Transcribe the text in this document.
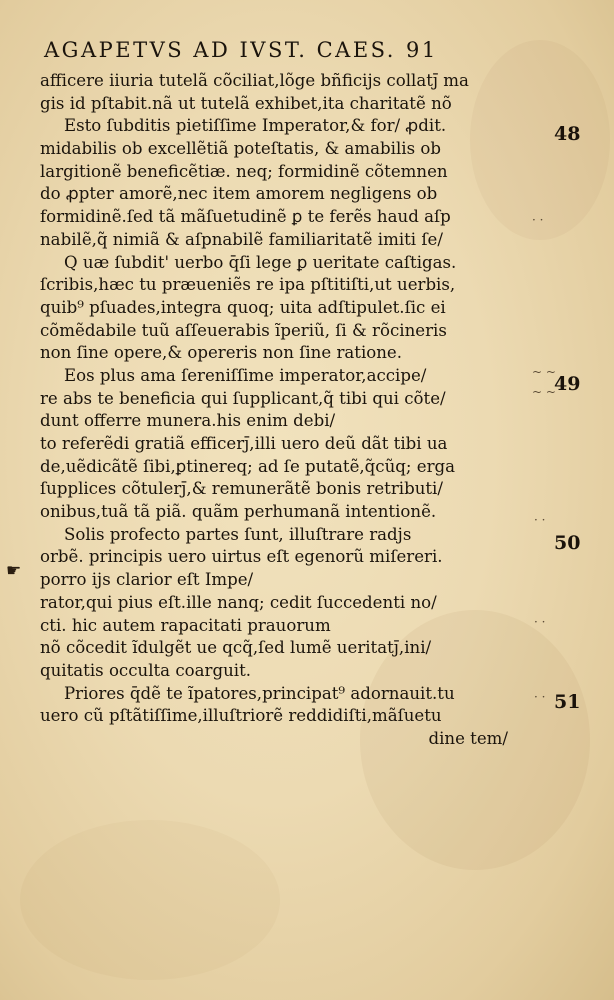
AGAPETVS AD IVST. CAES. 91
afficere iiuria tutelã cõciliat,lõge bñficijs collatj̄ ma
gis id pſtabit.nã ut tutelã exhibet,ita charitatẽ nõ
Esto ſubditis pietiſſime Imperator,& for/ ꝓdit.
midabilis ob excellẽtiã poteſtatis, & amabilis ob
largitionẽ beneficẽtiæ. neq; formidinẽ cõtemnen
do ꝓpter amorẽ,nec item amorem negligens ob
formidinẽ.ſed tã mãſuetudinẽ ꝑ te ferẽs haud aſp
nabilẽ,q̃ nimiã & aſpnabilẽ familiaritatẽ imiti ſe/
Q uæ ſubdit' uerbo q̄ſi lege ꝑ ueritate caſtigas.
ſcribis,hæc tu præueniẽs re ipa pſtitiſti,ut uerbis,
quib⁹ pſuades,integra quoq; uita adſtipulet.ſic ei
cõmẽdabile tuũ aſſeuerabis ĩperiũ, ſi & rõcineris
non ſine opere,& opereris non ſine ratione.
Eos plus ama ſereniſſime imperator,accipe/
re abs te beneficia qui ſupplicant,q̃ tibi qui cõte/
dunt offerre munera.his enim debi/
to referẽdi gratiã efficerj̄,illi uero deũ dãt tibi ua
de,uẽdicãtẽ ſibi,ꝑtinereq; ad ſe putatẽ,q̃cũq; erga
ſupplices cõtulerj̄,& remunerãtẽ bonis retributi/
onibus,tuã tã piã. quãm perhumanã intentionẽ.
Solis profecto partes ſunt, illuſtrare radjs
orbẽ. principis uero uirtus eſt egenorũ miſereri.
porro ijs clarior eſt Impe/
rator,qui pius eſt.ille nanq; cedit ſuccedenti no/
cti. hic autem rapacitati prauorum
nõ cõcedit ĩdulgẽt ue qcq̃,ſed lumẽ ueritatj̄,ini/
quitatis occulta coarguit.
Priores q̄dẽ te ĩpatores,principat⁹ adornauit.tu
uero cũ pſtãtiſſime,illuſtriorẽ reddidiſti,mãſuetu
dine tem/
48
49
50
51
☛
· ·
~ ~
~ ~
· ·
· ·
· ·
